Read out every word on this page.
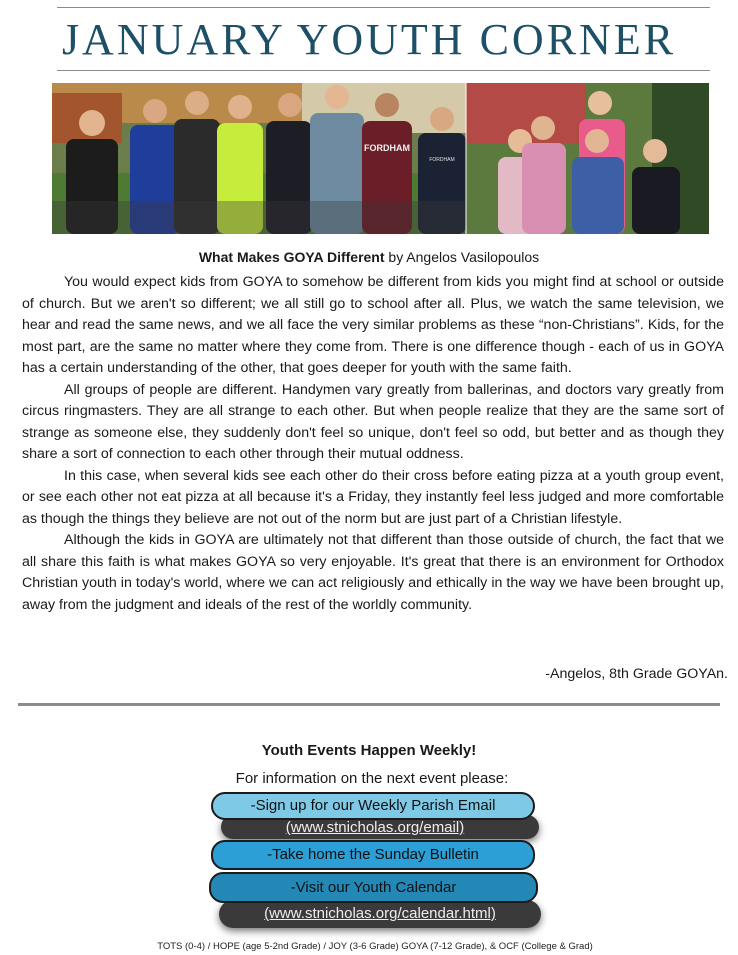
JANUARY YOUTH CORNER
FORDHAM
FORDHAM
What Makes GOYA Different by Angelos Vasilopoulos

You would expect kids from GOYA to somehow be different from kids you might find at school or outside of church. But we aren't so different; we all still go to school after all. Plus, we watch the same television, we hear and read the same news, and we all face the very similar problems as these “non-Christians”. Kids, for the most part, are the same no matter where they come from. There is one difference though - each of us in GOYA has a certain understanding of the other, that goes deeper for youth with the same faith.

All groups of people are different. Handymen vary greatly from ballerinas, and doctors vary greatly from circus ringmasters. They are all strange to each other. But when people realize that they are the same sort of strange as someone else, they suddenly don't feel so unique, don't feel so odd, but better and as though they share a sort of connection to each other through their mutual oddness.

In this case, when several kids see each other do their cross before eating pizza at a youth group event, or see each other not eat pizza at all because it's a Friday, they instantly feel less judged and more comfortable as though the things they believe are not out of the norm but are just part of a Christian lifestyle.

Although the kids in GOYA are ultimately not that different than those outside of church, the fact that we all share this faith is what makes GOYA so very enjoyable. It's great that there is an environment for Orthodox Christian youth in today's world, where we can act religiously and ethically in the way we have been brought up, away from the judgment and ideals of the rest of the worldly community.

-Angelos, 8th Grade GOYAn.
Youth Events Happen Weekly!
For information on the next event please:
-Sign up for our Weekly Parish Email
(www.stnicholas.org/email)
-Take home the Sunday Bulletin
-Visit our Youth Calendar
(www.stnicholas.org/calendar.html)
TOTS (0-4) / HOPE (age 5-2nd Grade) / JOY (3-6 Grade) GOYA (7-12 Grade), & OCF (College & Grad)
